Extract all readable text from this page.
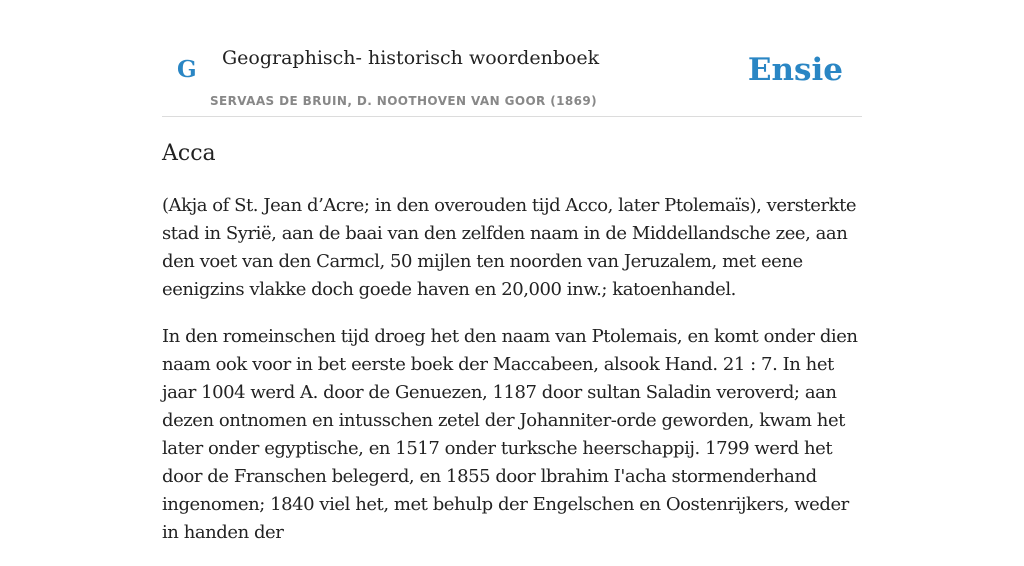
G Geographisch- historisch woordenboek
SERVAAS DE BRUIN, D. NOOTHOVEN VAN GOOR (1869)
Ensie
Acca

(Akja of St. Jean d’Acre; in den overouden tijd Acco, later Ptolemaïs), versterkte stad in Syrië, aan de baai van den zelfden naam in de Middellandsche zee, aan den voet van den Carmcl, 50 mijlen ten noorden van Jeruzalem, met eene eenigzins vlakke doch goede haven en 20,000 inw.; katoenhandel.

In den romeinschen tijd droeg het den naam van Ptolemais, en komt onder dien naam ook voor in bet eerste boek der Maccabeen, alsook Hand. 21 : 7. In het jaar 1004 werd A. door de Genuezen, 1187 door sultan Saladin veroverd; aan dezen ontnomen en intusschen zetel der Johanniter-orde geworden, kwam het later onder egyptische, en 1517 onder turksche heerschappij. 1799 werd het door de Franschen belegerd, en 1855 door lbrahim I'acha stormenderhand ingenomen; 1840 viel het, met behulp der Engelschen en Oostenrijkers, weder in handen der
